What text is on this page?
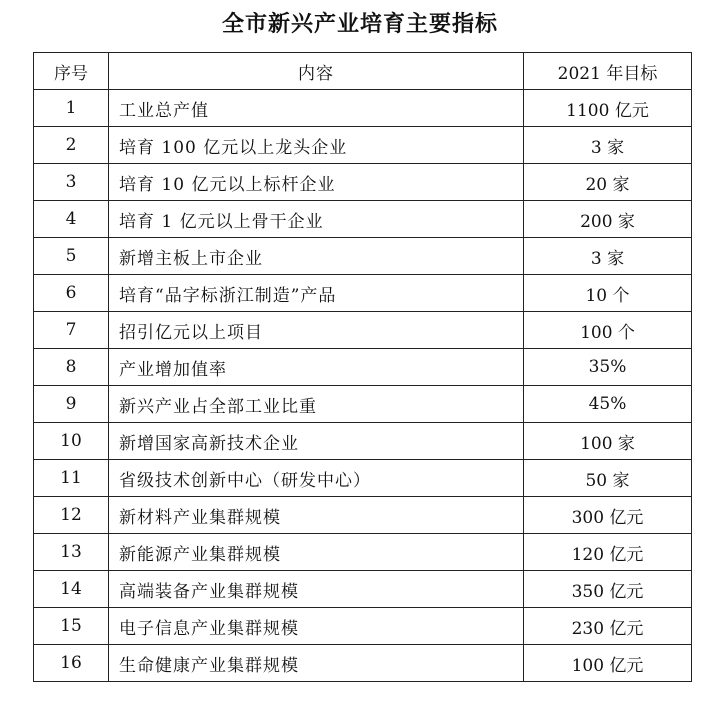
全市新兴产业培育主要指标
序号	内容	2021 年目标
1	工业总产值	1100 亿元
2	培育 100 亿元以上龙头企业	3 家
3	培育 10 亿元以上标杆企业	20 家
4	培育 1 亿元以上骨干企业	200 家
5	新增主板上市企业	3 家
6	培育“品字标浙江制造”产品	10 个
7	招引亿元以上项目	100 个
8	产业增加值率	35%
9	新兴产业占全部工业比重	45%
10	新增国家高新技术企业	100 家
11	省级技术创新中心（研发中心）	50 家
12	新材料产业集群规模	300 亿元
13	新能源产业集群规模	120 亿元
14	高端装备产业集群规模	350 亿元
15	电子信息产业集群规模	230 亿元
16	生命健康产业集群规模	100 亿元
